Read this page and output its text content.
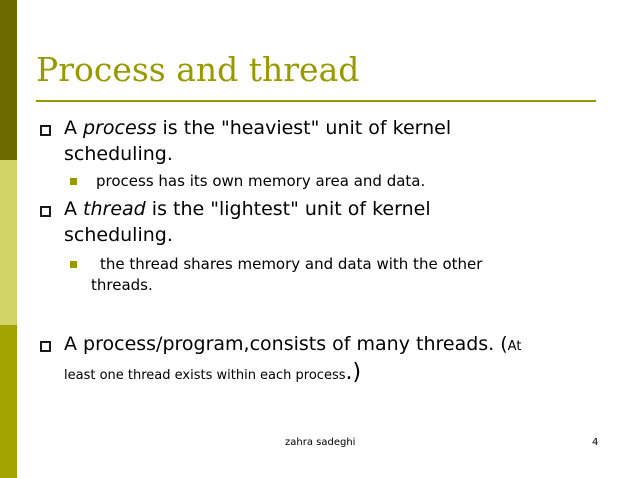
Process and thread
A process is the "heaviest" unit of kernel
scheduling.
process has its own memory area and data.
A thread is the "lightest" unit of kernel
scheduling.
the thread shares memory and data with the other
threads.
A process/program,consists of many threads. (At
least one thread exists within each process.)
zahra sadeghi	4
